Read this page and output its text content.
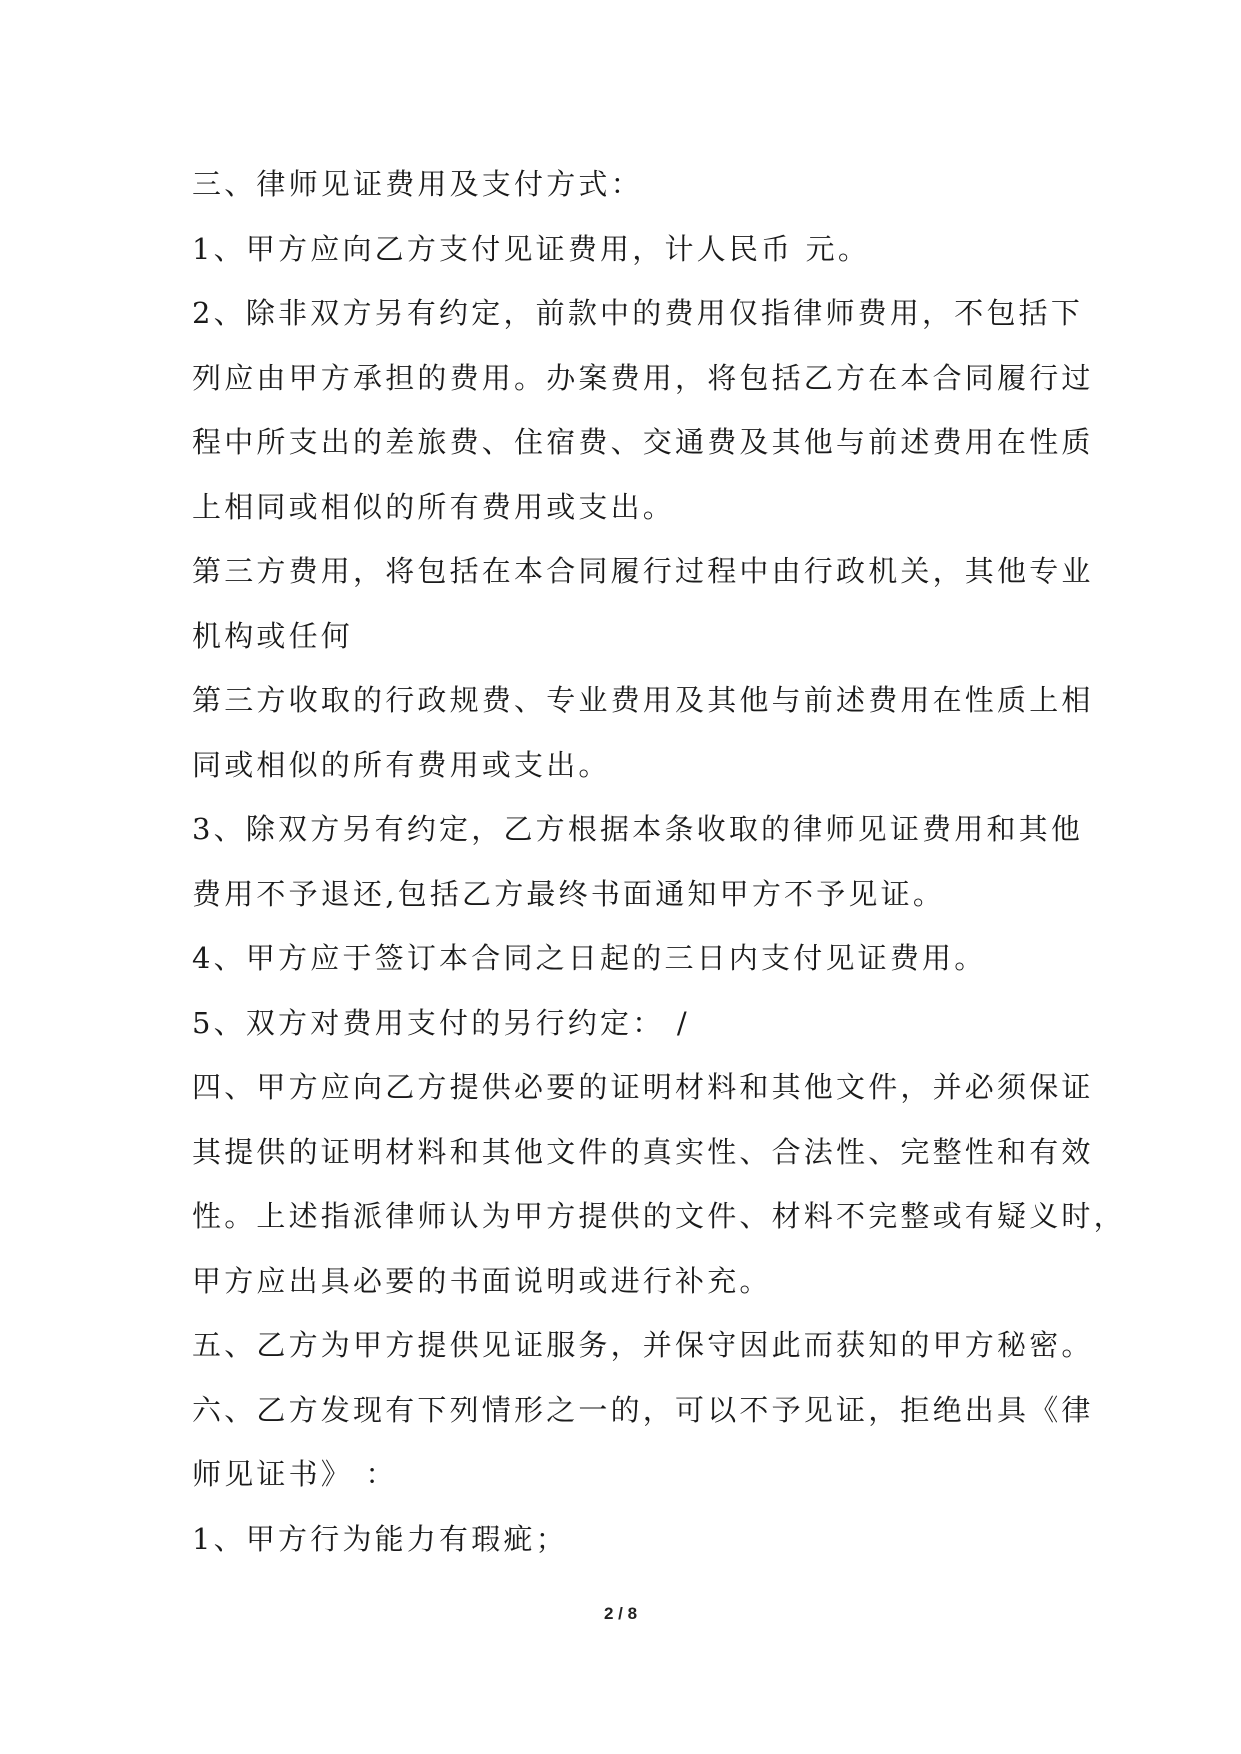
三、律师见证费用及支付方式：
1、甲方应向乙方支付见证费用，计人民币 元。
2、除非双方另有约定，前款中的费用仅指律师费用，不包括下
列应由甲方承担的费用。办案费用，将包括乙方在本合同履行过
程中所支出的差旅费、住宿费、交通费及其他与前述费用在性质
上相同或相似的所有费用或支出。
第三方费用，将包括在本合同履行过程中由行政机关，其他专业
机构或任何
第三方收取的行政规费、专业费用及其他与前述费用在性质上相
同或相似的所有费用或支出。
3、除双方另有约定，乙方根据本条收取的律师见证费用和其他
费用不予退还,包括乙方最终书面通知甲方不予见证。
4、甲方应于签订本合同之日起的三日内支付见证费用。
5、双方对费用支付的另行约定： /
四、甲方应向乙方提供必要的证明材料和其他文件，并必须保证
其提供的证明材料和其他文件的真实性、合法性、完整性和有效
性。上述指派律师认为甲方提供的文件、材料不完整或有疑义时，
甲方应出具必要的书面说明或进行补充。
五、乙方为甲方提供见证服务，并保守因此而获知的甲方秘密。
六、乙方发现有下列情形之一的，可以不予见证，拒绝出具《律
师见证书》 ：
1、甲方行为能力有瑕疵；
2 / 8
